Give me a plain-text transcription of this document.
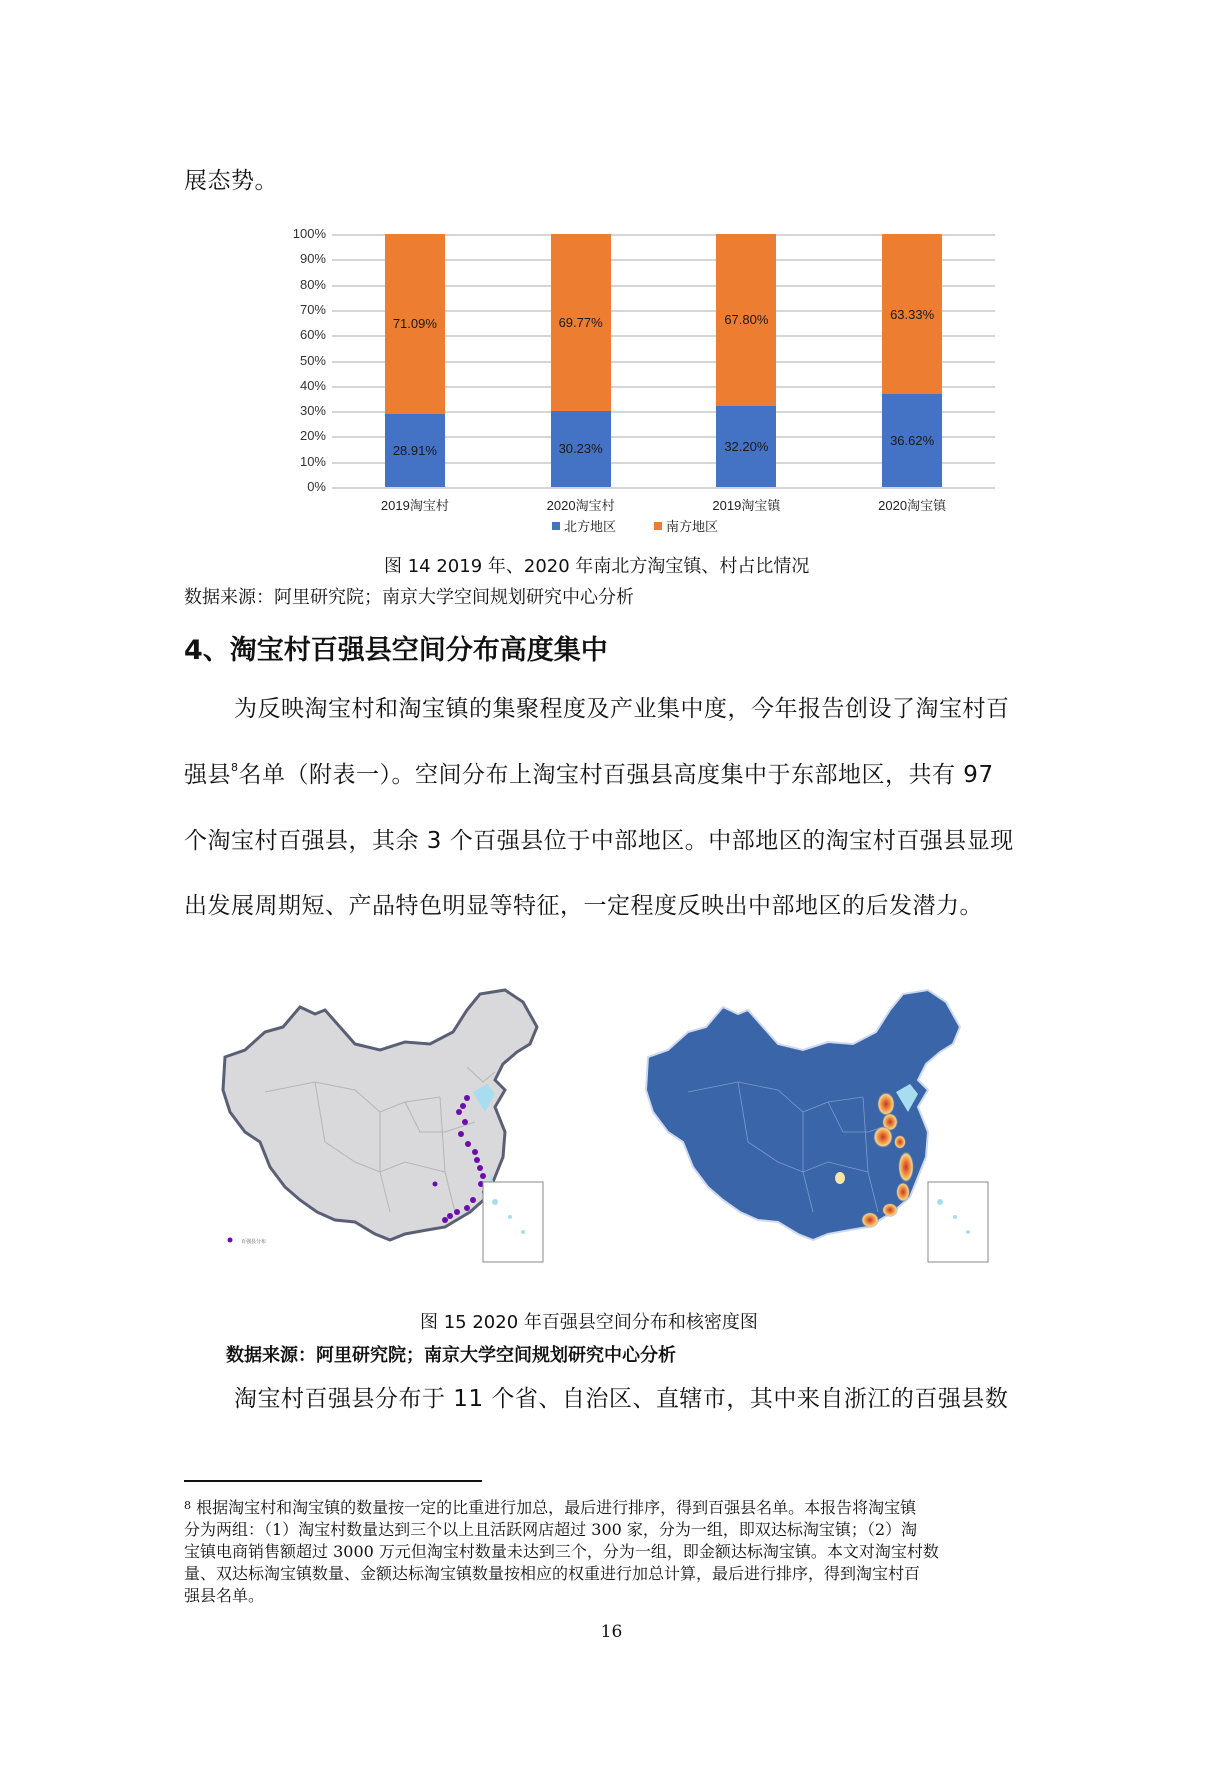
展态势。
100%
90%
80%
70%
60%
50%
40%
30%
20%
10%
0%
28.91%
71.09%
30.23%
69.77%
32.20%
67.80%
36.62%
63.33%
2019淘宝村	2020淘宝村	2019淘宝镇	2020淘宝镇
北方地区	南方地区
图 14 2019 年、2020 年南北方淘宝镇、村占比情况
数据来源：阿里研究院；南京大学空间规划研究中心分析
4、淘宝村百强县空间分布高度集中
为反映淘宝村和淘宝镇的集聚程度及产业集中度，今年报告创设了淘宝村百
强县$^8$名单（附表一）。空间分布上淘宝村百强县高度集中于东部地区，共有 97
个淘宝村百强县，其余 3 个百强县位于中部地区。中部地区的淘宝村百强县显现
出发展周期短、产品特色明显等特征，一定程度反映出中部地区的后发潜力。
百强县分布
图 15 2020 年百强县空间分布和核密度图
数据来源：阿里研究院；南京大学空间规划研究中心分析
淘宝村百强县分布于 11 个省、自治区、直辖市，其中来自浙江的百强县数
$^8$ 根据淘宝村和淘宝镇的数量按一定的比重进行加总，最后进行排序，得到百强县名单。本报告将淘宝镇
分为两组：（1）淘宝村数量达到三个以上且活跃网店超过 300 家，分为一组，即双达标淘宝镇；（2）淘
宝镇电商销售额超过 3000 万元但淘宝村数量未达到三个，分为一组，即金额达标淘宝镇。本文对淘宝村数
量、双达标淘宝镇数量、金额达标淘宝镇数量按相应的权重进行加总计算，最后进行排序，得到淘宝村百
强县名单。
16
